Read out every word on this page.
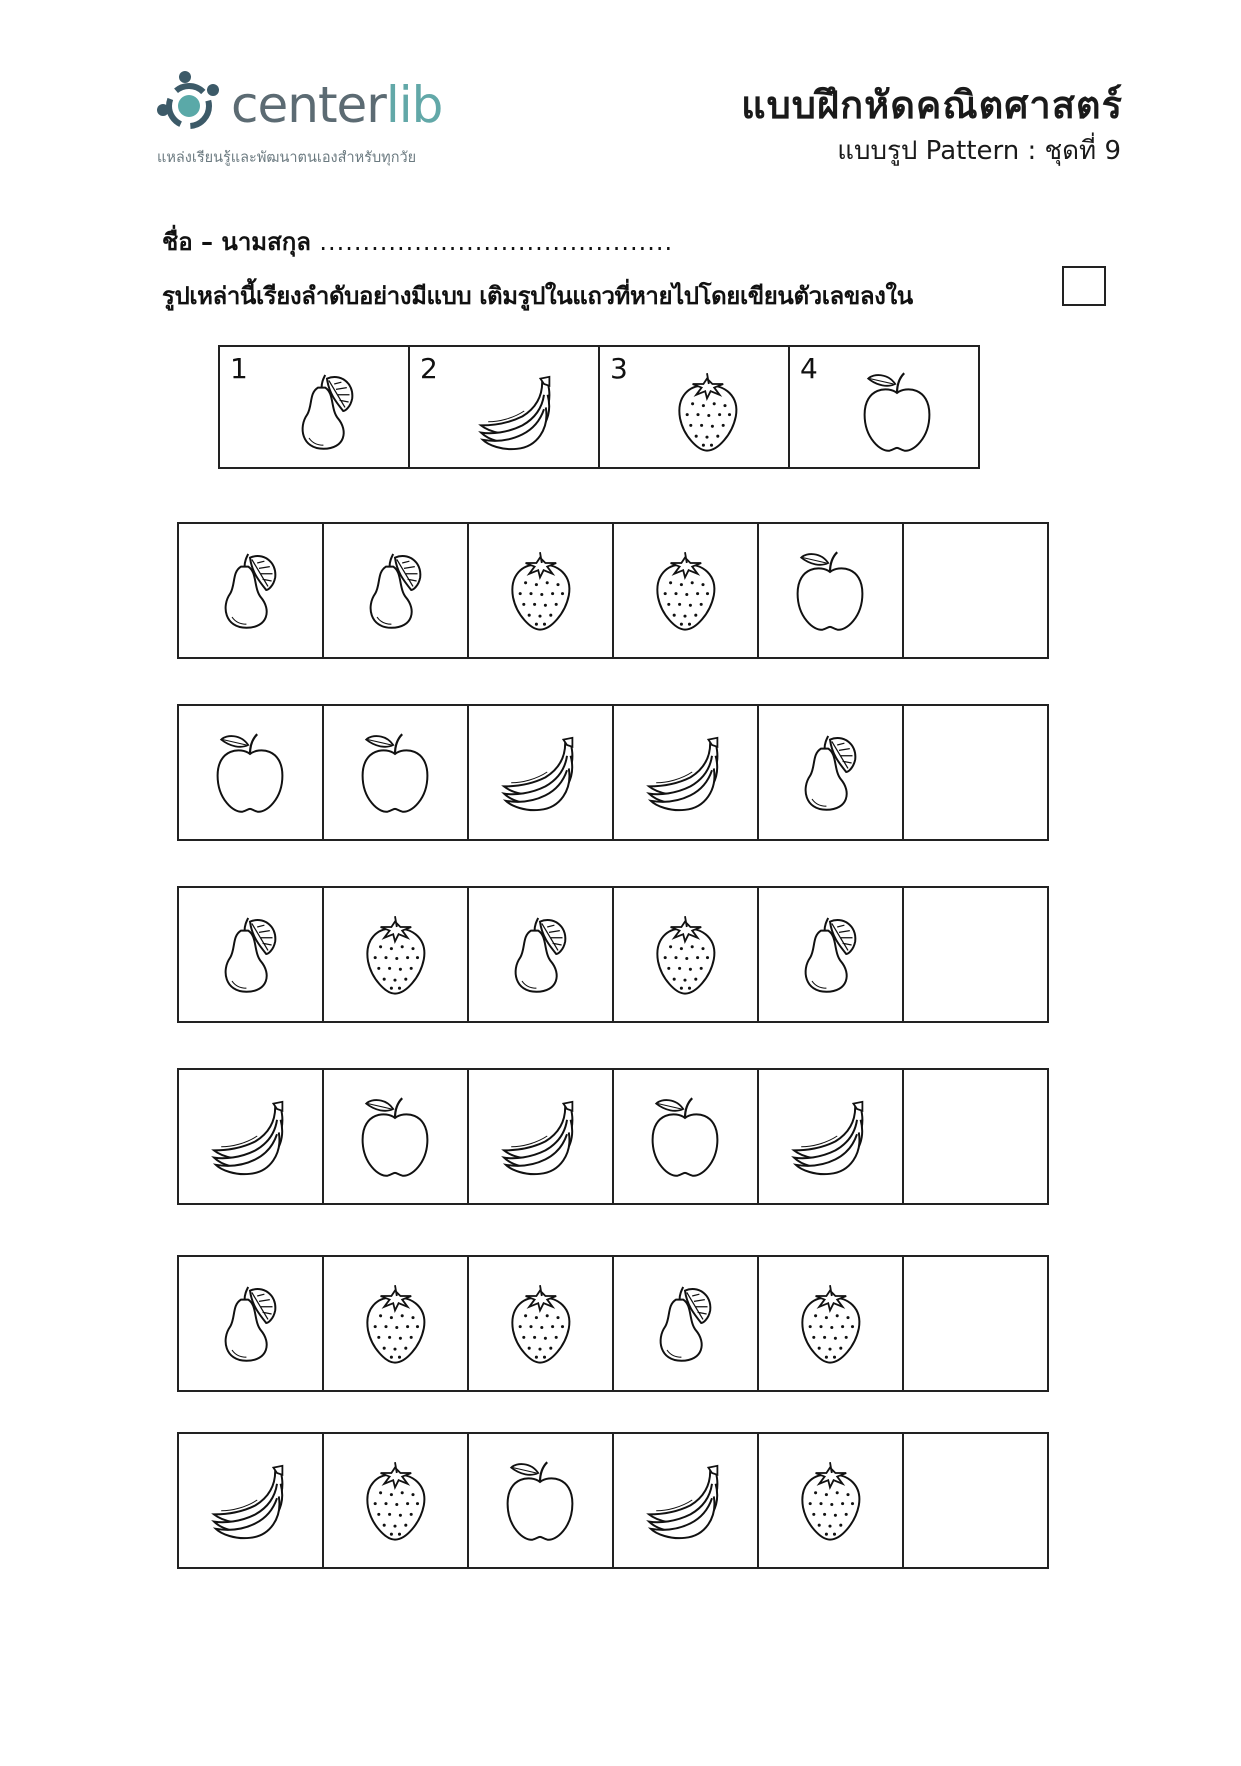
centerlib
แหล่งเรียนรู้และพัฒนาตนเองสำหรับทุกวัย
แบบฝึกหัดคณิตศาสตร์
แบบรูป Pattern : ชุดที่ 9
ชื่อ – นามสกุล .........................................
รูปเหล่านี้เรียงลำดับอย่างมีแบบ เติมรูปในแถวที่หายไปโดยเขียนตัวเลขลงใน
1	2	3	4
